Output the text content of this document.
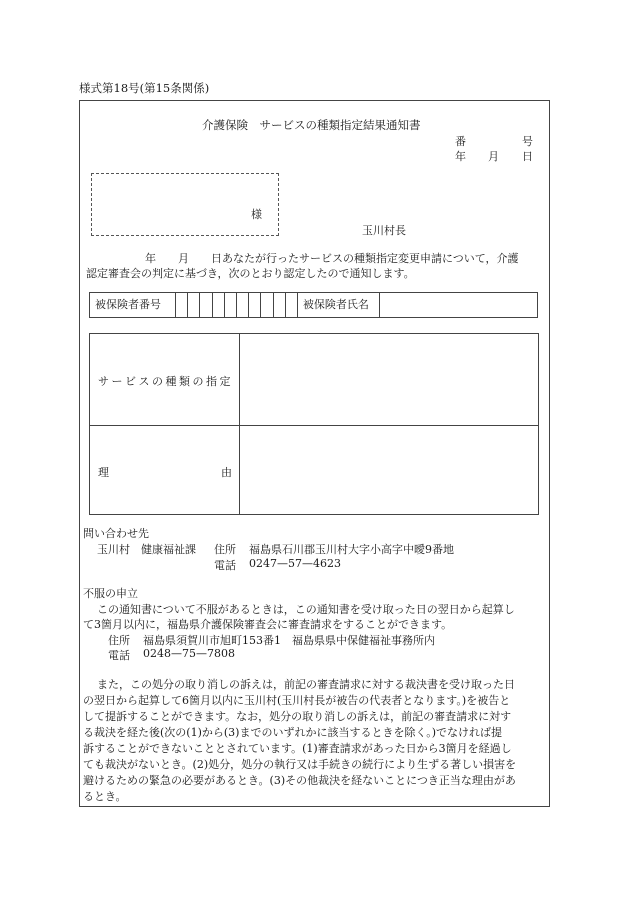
様式第18号(第15条関係)
介護保険　サービスの種類指定結果通知書
番	号
年 月 日
様
玉川村長
年　　月　　日あなたが行ったサービスの種類指定変更申請について，介護
認定審査会の判定に基づき，次のとおり認定したので通知します。
被保険者番号	被保険者氏名
サービスの種類の指定
理	由
問い合わせ先
玉川村　健康福祉課 住所 福島県石川郡玉川村大字小高字中曖9番地
電話 0247—57—4623
不服の申立
この通知書について不服があるときは，この通知書を受け取った日の翌日から起算し
て3箇月以内に，福島県介護保険審査会に審査請求をすることができます。
住所 福島県須賀川市旭町153番1　福島県県中保健福祉事務所内
電話 0248—75—7808
また，この処分の取り消しの訴えは，前記の審査請求に対する裁決書を受け取った日
の翌日から起算して6箇月以内に玉川村(玉川村長が被告の代表者となります。)を被告と
して提訴することができます。なお，処分の取り消しの訴えは，前記の審査請求に対す
る裁決を経た後(次の(1)から(3)までのいずれかに該当するときを除く。)でなければ提
訴することができないこととされています。(1)審査請求があった日から3箇月を経過し
ても裁決がないとき。(2)処分，処分の執行又は手続きの続行により生ずる著しい損害を
避けるための緊急の必要があるとき。(3)その他裁決を経ないことにつき正当な理由があ
るとき。
